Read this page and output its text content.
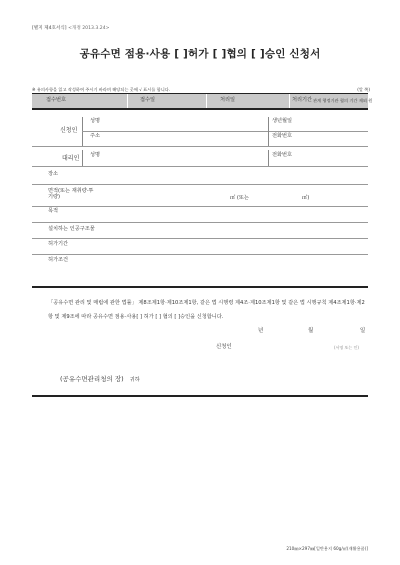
[별지 제4호서식] <개정 2013.3.24>
공유수면 점용·사용 [ ]허가 [ ]협의 [ ]승인 신청서
※ 유의사항을 읽고 작성하여 주시기 바라며 해당되는 곳에 √ 표시를 합니다.	(앞 쪽)
접수번호	접수일	처리일	처리기간 관계 행정기관 협의 기간 제외 원
신청인
성명	생년월일
주소	전화번호
대리인 성명	전화번호
장소
면적(또는 재취량·투기량)	㎡ (또는	㎥)
목적
설치하는 인공구조물
허가기간
허가조건
「공유수면 관리 및 매립에 관한 법률」 제8조제1항·제10조제1항, 같은 법 시행령 제4조·제10조제1항 및 같은 법 시행규칙 제4조제1항·제2항 및 제9조에 따라 공유수면 점용·사용[ ] 허가 [ ] 협의 [ ]승인을 신청합니다.
년	월	일
신청인	(서명 또는 인)
(공유수면관리청의 장) 귀하
210㎜×297㎜[일반용지 60g/㎡(재활용품)]
